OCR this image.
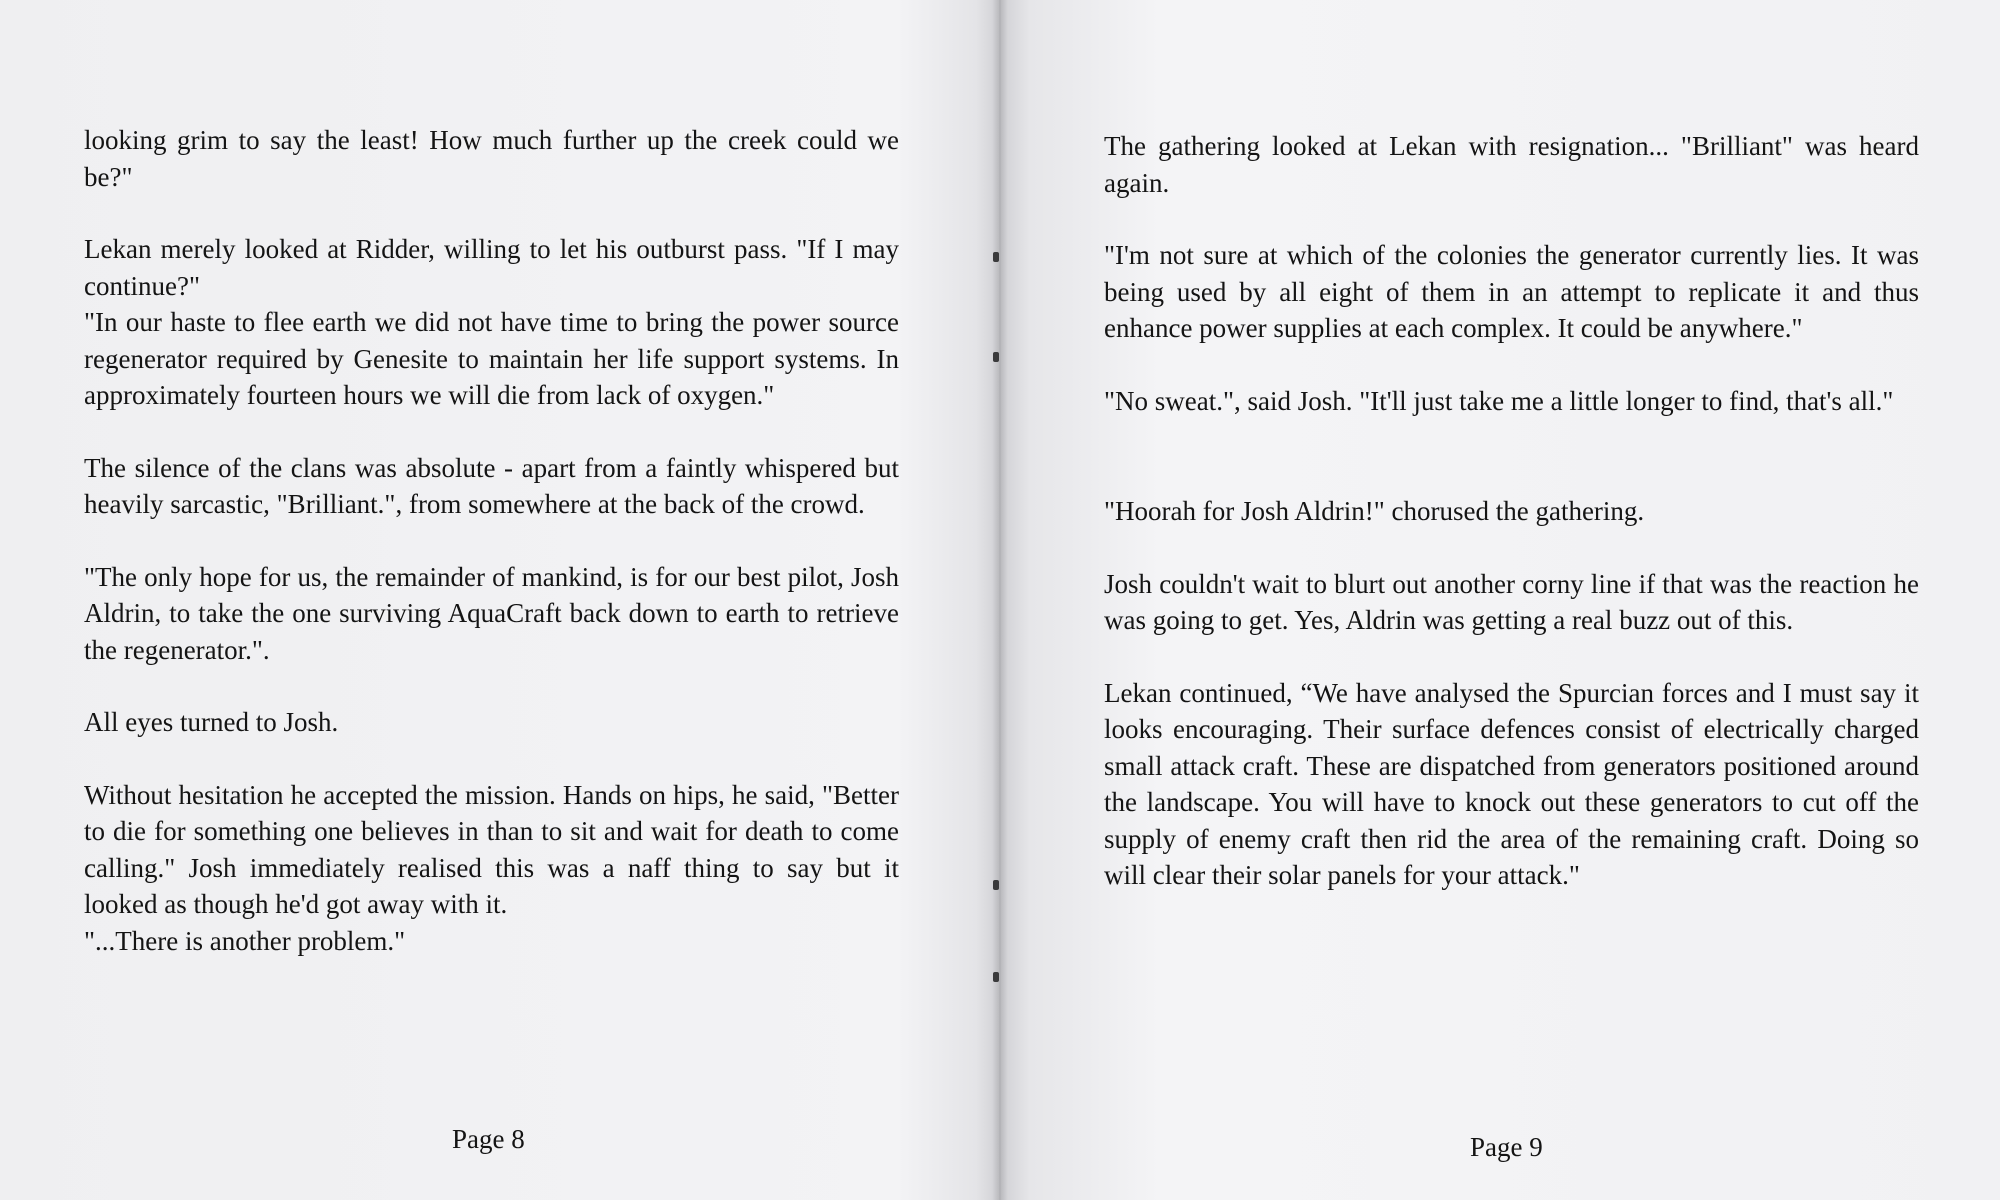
looking grim to say the least! How much further up the creek could we be?"

Lekan merely looked at Ridder, willing to let his outburst pass. "If I may continue?"

"In our haste to flee earth we did not have time to bring the power source regenerator required by Genesite to maintain her life support systems. In approximately fourteen hours we will die from lack of oxygen."

The silence of the clans was absolute - apart from a faintly whispered but heavily sarcastic, "Brilliant.", from somewhere at the back of the crowd.

"The only hope for us, the remainder of mankind, is for our best pilot, Josh Aldrin, to take the one surviving AquaCraft back down to earth to retrieve the regenerator.".

All eyes turned to Josh.

Without hesitation he accepted the mission. Hands on hips, he said, "Better to die for something one believes in than to sit and wait for death to come calling." Josh immediately realised this was a naff thing to say but it looked as though he'd got away with it.

"...There is another problem."

Page 8

The gathering looked at Lekan with resignation... "Brilliant" was heard again.

"I'm not sure at which of the colonies the generator currently lies. It was being used by all eight of them in an attempt to replicate it and thus enhance power supplies at each complex. It could be anywhere."

"No sweat.", said Josh. "It'll just take me a little longer to find, that's all."

"Hoorah for Josh Aldrin!" chorused the gathering.

Josh couldn't wait to blurt out another corny line if that was the reaction he was going to get. Yes, Aldrin was getting a real buzz out of this.

Lekan continued, “We have analysed the Spurcian forces and I must say it looks encouraging. Their surface defences consist of electrically charged small attack craft. These are dispatched from generators positioned around the landscape. You will have to knock out these generators to cut off the supply of enemy craft then rid the area of the remaining craft. Doing so will clear their solar panels for your attack."

Page 9
